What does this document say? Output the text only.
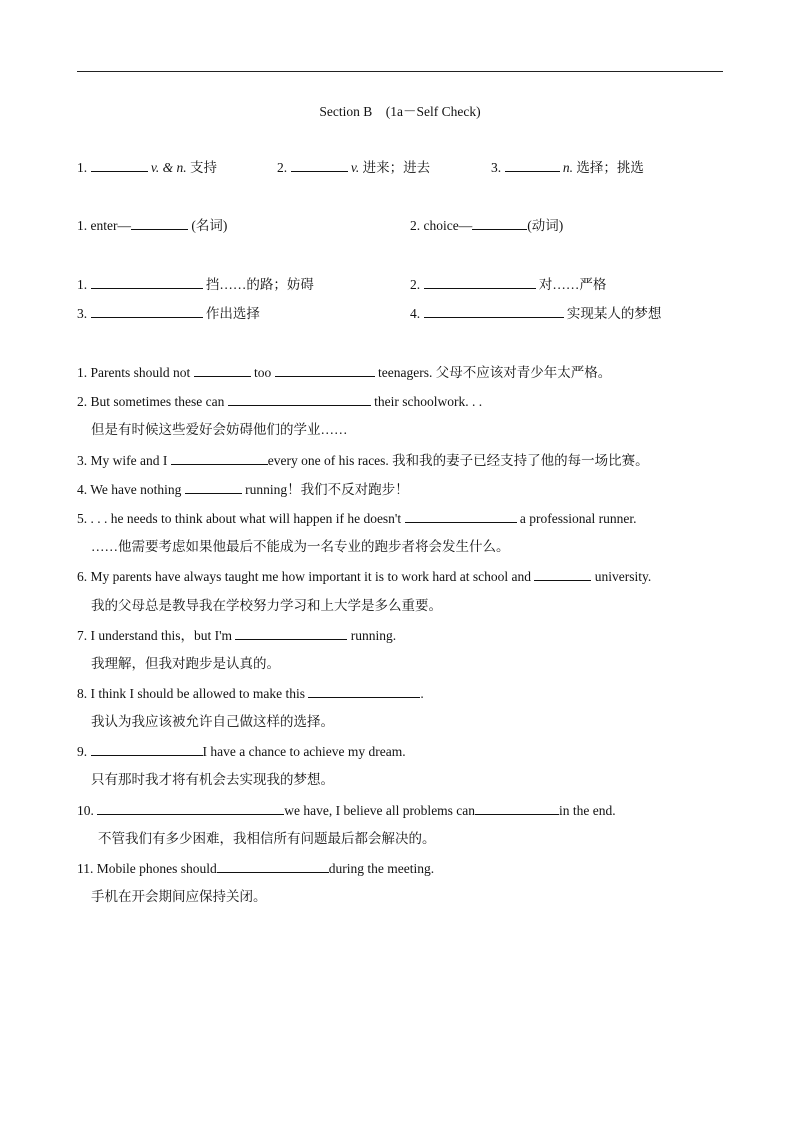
Section B　(1a－Self Check)
1.	v. & n. 支持	2.	v. 进来；进去	3.	n. 选择；挑选
1. enter—	(名词)	2. choice—	(动词)
1.	挡……的路；妨碍	2.	对……严格
3.	作出选择	4.	实现某人的梦想
1. Parents should not	too	teenagers. 父母不应该对青少年太严格。
2. But sometimes these can	their schoolwork. . .
但是有时候这些爱好会妨碍他们的学业……
3. My wife and I	every one of his races. 我和我的妻子已经支持了他的每一场比赛。
4. We have nothing	running！我们不反对跑步！
5. . . . he needs to think about what will happen if he doesn't	a professional runner.
……他需要考虑如果他最后不能成为一名专业的跑步者将会发生什么。
6. My parents have always taught me how important it is to work hard at school and	university.
我的父母总是教导我在学校努力学习和上大学是多么重要。
7. I understand this，but I'm	running.
我理解，但我对跑步是认真的。
8. I think I should be allowed to make this	.
我认为我应该被允许自己做这样的选择。
9.	I have a chance to achieve my dream.
只有那时我才将有机会去实现我的梦想。
10.	we have, I believe all problems can	in the end.
不管我们有多少困难，我相信所有问题最后都会解决的。
11. Mobile phones should	during the meeting.
手机在开会期间应保持关闭。
